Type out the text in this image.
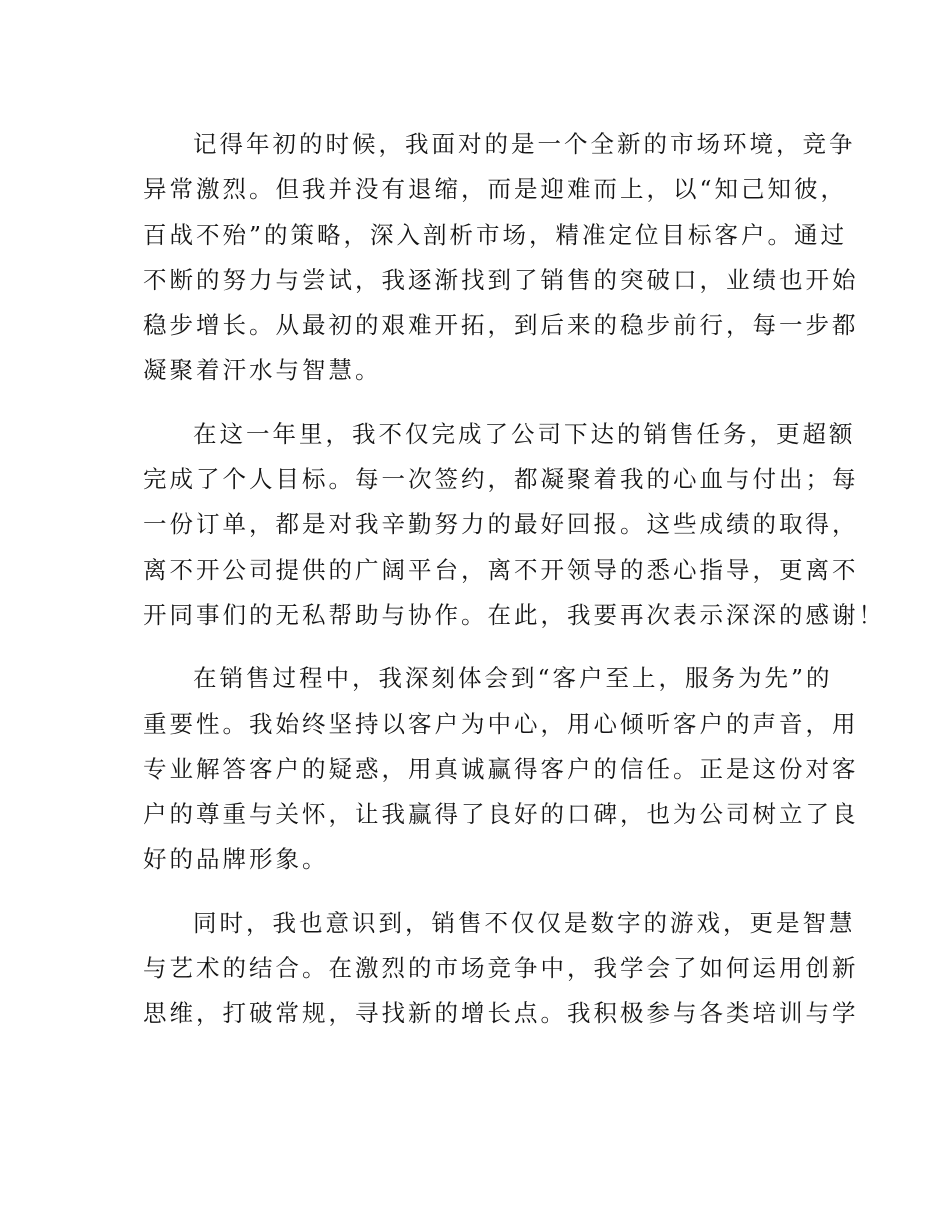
记得年初的时候，我面对的是一个全新的市场环境，竞争
异常激烈。但我并没有退缩，而是迎难而上，以“知己知彼，
百战不殆”的策略，深入剖析市场，精准定位目标客户。通过
不断的努力与尝试，我逐渐找到了销售的突破口，业绩也开始
稳步增长。从最初的艰难开拓，到后来的稳步前行，每一步都
凝聚着汗水与智慧。
在这一年里，我不仅完成了公司下达的销售任务，更超额
完成了个人目标。每一次签约，都凝聚着我的心血与付出；每
一份订单，都是对我辛勤努力的最好回报。这些成绩的取得，
离不开公司提供的广阔平台，离不开领导的悉心指导，更离不
开同事们的无私帮助与协作。在此，我要再次表示深深的感谢！
在销售过程中，我深刻体会到“客户至上，服务为先”的
重要性。我始终坚持以客户为中心，用心倾听客户的声音，用
专业解答客户的疑惑，用真诚赢得客户的信任。正是这份对客
户的尊重与关怀，让我赢得了良好的口碑，也为公司树立了良
好的品牌形象。
同时，我也意识到，销售不仅仅是数字的游戏，更是智慧
与艺术的结合。在激烈的市场竞争中，我学会了如何运用创新
思维，打破常规，寻找新的增长点。我积极参与各类培训与学
